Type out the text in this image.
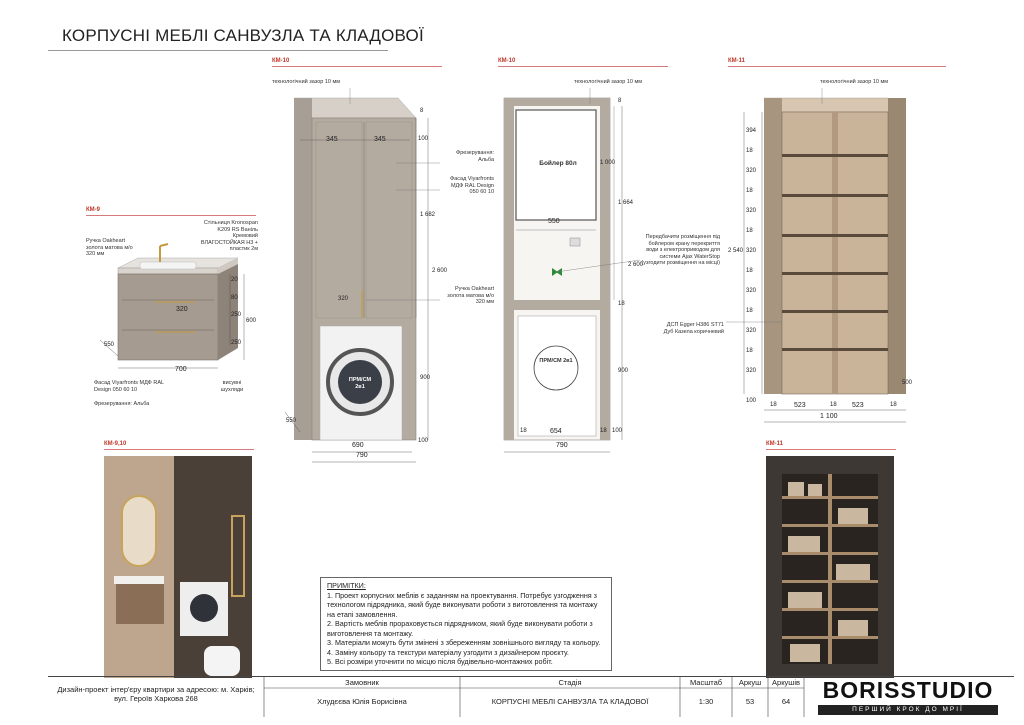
КОРПУСНІ МЕБЛІ САНВУЗЛА ТА КЛАДОВОЇ
КМ-10	КМ-10	КМ-11
КМ-9
КМ-9,10	КМ-11
технологічний зазор 10 мм	технологічний зазор 10 мм	технологічний зазор 10 мм
Стільниця Kronospan K209 RS Ваніль Кремовий ВЛАГОСТОЙКАЯ Н3 + пластик 2м
Ручка Oakheart золота матова м/о 320 мм
Фасад Viyarfronts МДФ RAL Design 050 60 10
висувні шухляди
Фрезерування: Альба
320
20
80
250
250
600
700
550
Фрезерування: Альба
Фасад Viyarfronts МДФ RAL Design 050 60 10
Ручка Oakheart золота матова м/о 320 мм
345	345
8
100
1 682
2 600
320
900
100
690
790
550
ПРМ/СМ 2в1
Бойлер 80л	1 000
550
8
1 664
2 600
18
900
ПРМ/СМ 2в1
Передбачити розміщення під бойлером крану перекриття води з електроприводом для системи Ajax WaterStop (узгодити розміщення на місці)
18	654	18 100
790
ДСП Egger H386 ST71 Дуб Казела коричневий
394
18
320
18
320
18
320
18
320
18
320
18
320
2 540
100
500
18 523	18 523	18
1 100
ПРИМІТКИ:
1. Проект корпусних меблів є заданням на проектування. Потребує узгодження з технологом підрядника, який буде виконувати роботи з виготовлення та монтажу на етапі замовлення.
2. Вартість меблів прораховується підрядником, який буде виконувати роботи з виготовлення та монтажу.
3. Матеріали можуть бути змінені з збереженням зовнішнього вигляду та кольору.
4. Заміну кольору та текстури матеріалу узгодити з дизайнером проєкту.
5. Всі розміри уточнити по місцю після будівельно-монтажних робіт.
Дизайн-проект інтер'єру квартири за адресою: м. Харків; вул. Героїв Харкова 268
Замовник
Хлудєєва Юлія Борисівна
Стадія
КОРПУСНІ МЕБЛІ САНВУЗЛА ТА КЛАДОВОЇ
Масштаб
1:30
Аркуш
53
Аркушів
64	BORISSTUDIO
ПЕРШИЙ КРОК ДО МРІЇ
